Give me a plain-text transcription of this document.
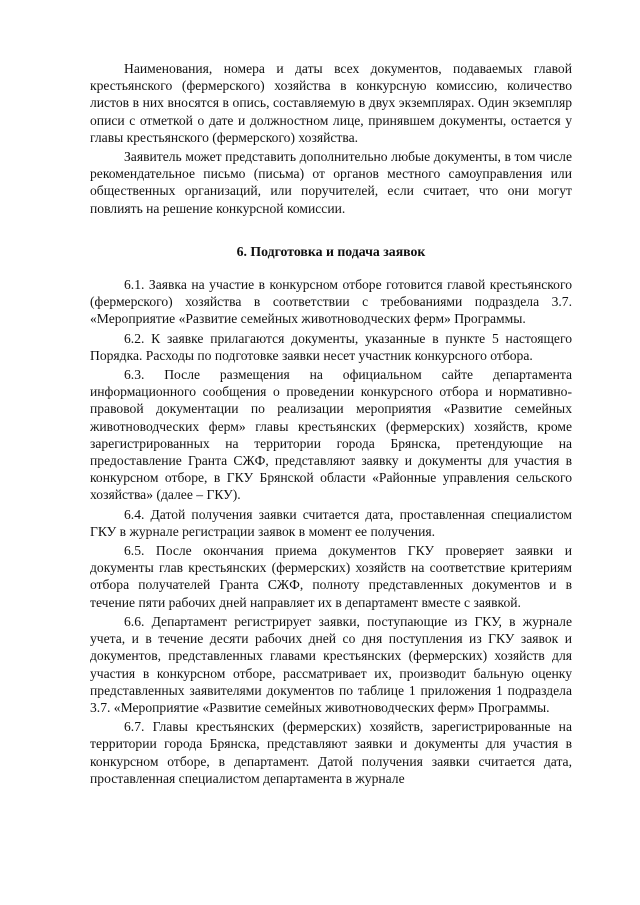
Наименования, номера и даты всех документов, подаваемых главой крестьянского (фермерского) хозяйства в конкурсную комиссию, количество листов в них вносятся в опись, составляемую в двух экземплярах. Один экземпляр описи с отметкой о дате и должностном лице, принявшем документы, остается у главы крестьянского (фермерского) хозяйства.

Заявитель может представить дополнительно любые документы, в том числе рекомендательное письмо (письма) от органов местного самоуправления или общественных организаций, или поручителей, если считает, что они могут повлиять на решение конкурсной комиссии.

6. Подготовка и подача заявок

6.1. Заявка на участие в конкурсном отборе готовится главой крестьянского (фермерского) хозяйства в соответствии с требованиями подраздела 3.7. «Мероприятие «Развитие семейных животноводческих ферм» Программы.

6.2. К заявке прилагаются документы, указанные в пункте 5 настоящего Порядка. Расходы по подготовке заявки несет участник конкурсного отбора.

6.3. После размещения на официальном сайте департамента информационного сообщения о проведении конкурсного отбора и нормативно-правовой документации по реализации мероприятия «Развитие семейных животноводческих ферм» главы крестьянских (фермерских) хозяйств, кроме зарегистрированных на территории города Брянска, претендующие на предоставление Гранта СЖФ, представляют заявку и документы для участия в конкурсном отборе, в ГКУ Брянской области «Районные управления сельского хозяйства» (далее – ГКУ).

6.4. Датой получения заявки считается дата, проставленная специалистом ГКУ в журнале регистрации заявок в момент ее получения.

6.5. После окончания приема документов ГКУ проверяет заявки и документы глав крестьянских (фермерских) хозяйств на соответствие критериям отбора получателей Гранта СЖФ, полноту представленных документов и в течение пяти рабочих дней направляет их в департамент вместе с заявкой.

6.6. Департамент регистрирует заявки, поступающие из ГКУ, в журнале учета, и в течение десяти рабочих дней со дня поступления из ГКУ заявок и документов, представленных главами крестьянских (фермерских) хозяйств для участия в конкурсном отборе, рассматривает их, производит бальную оценку представленных заявителями документов по таблице 1 приложения 1 подраздела 3.7. «Мероприятие «Развитие семейных животноводческих ферм» Программы.

6.7. Главы крестьянских (фермерских) хозяйств, зарегистрированные на территории города Брянска, представляют заявки и документы для участия в конкурсном отборе, в департамент. Датой получения заявки считается дата, проставленная специалистом департамента в журнале
